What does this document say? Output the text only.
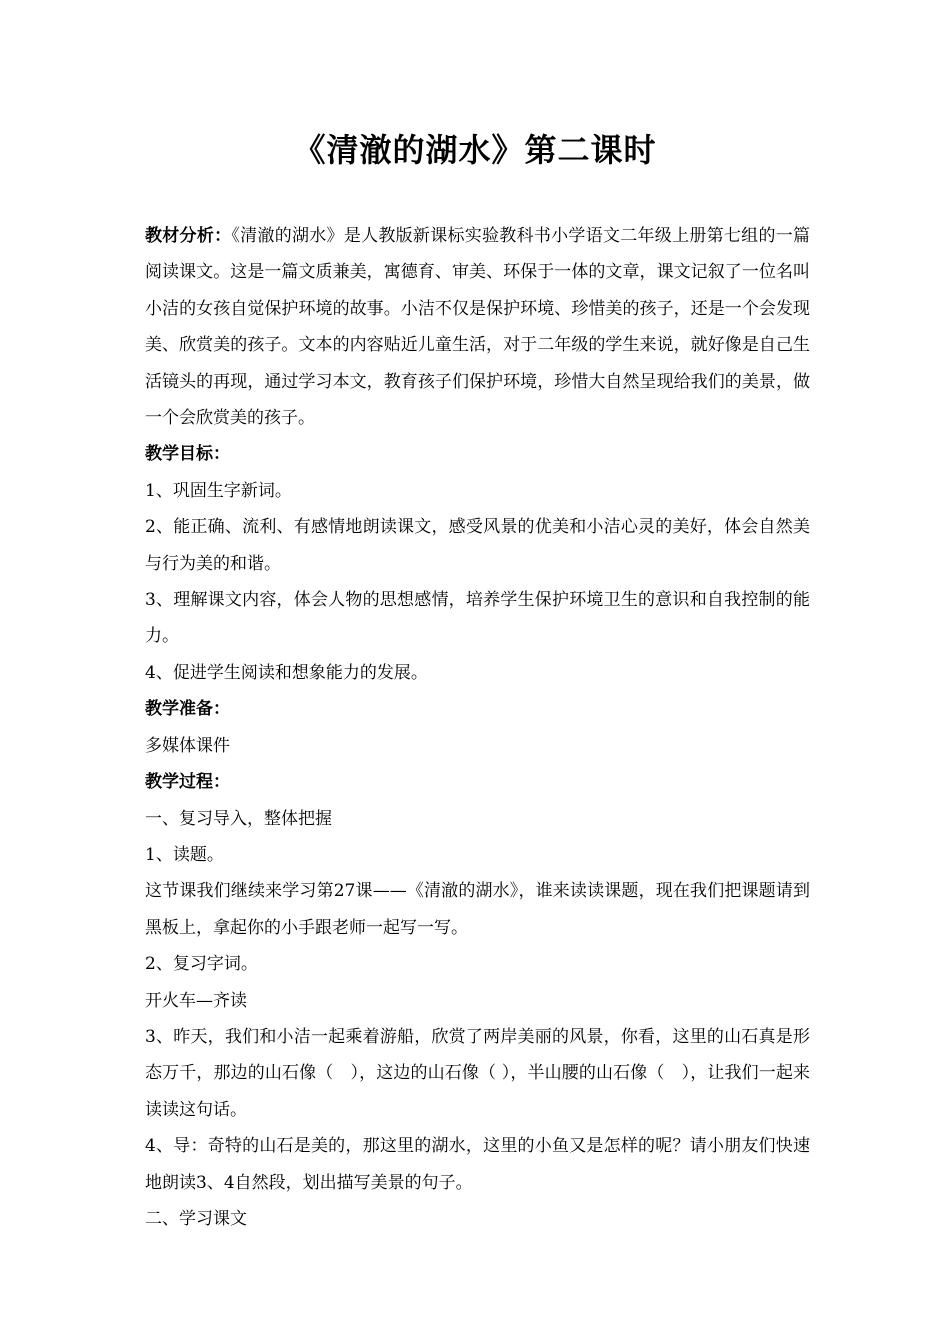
《清澈的湖水》第二课时

教材分析：《清澈的湖水》是人教版新课标实验教科书小学语文二年级上册第七组的一篇阅读课文。这是一篇文质兼美，寓德育、审美、环保于一体的文章，课文记叙了一位名叫小洁的女孩自觉保护环境的故事。小洁不仅是保护环境、珍惜美的孩子，还是一个会发现美、欣赏美的孩子。文本的内容贴近儿童生活，对于二年级的学生来说，就好像是自己生活镜头的再现，通过学习本文，教育孩子们保护环境，珍惜大自然呈现给我们的美景，做一个会欣赏美的孩子。

教学目标：

1、巩固生字新词。

2、能正确、流利、有感情地朗读课文，感受风景的优美和小洁心灵的美好，体会自然美与行为美的和谐。

3、理解课文内容，体会人物的思想感情，培养学生保护环境卫生的意识和自我控制的能力。

4、促进学生阅读和想象能力的发展。

教学准备：

多媒体课件

教学过程：

一、复习导入，整体把握

1、读题。

这节课我们继续来学习第27课——《清澈的湖水》，谁来读读课题，现在我们把课题请到黑板上，拿起你的小手跟老师一起写一写。

2、复习字词。

开火车—齐读

3、昨天，我们和小洁一起乘着游船，欣赏了两岸美丽的风景，你看，这里的山石真是形态万千，那边的山石像（　），这边的山石像（ ），半山腰的山石像（　），让我们一起来读读这句话。

4、导：奇特的山石是美的，那这里的湖水，这里的小鱼又是怎样的呢？请小朋友们快速地朗读3、4自然段，划出描写美景的句子。

二、学习课文
